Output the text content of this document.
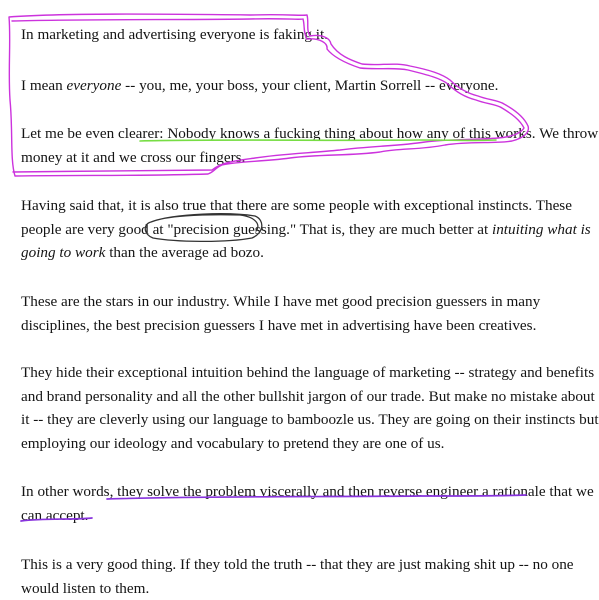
In marketing and advertising everyone is faking it.

I mean everyone -- you, me, your boss, your client, Martin Sorrell -- everyone.

Let me be even clearer: Nobody knows a fucking thing about how any of this works. We throw
money at it and we cross our fingers.

Having said that, it is also true that there are some people with exceptional instincts. These
people are very good at "precision guessing." That is, they are much better at intuiting what is
going to work than the average ad bozo.

These are the stars in our industry. While I have met good precision guessers in many
disciplines, the best precision guessers I have met in advertising have been creatives.

They hide their exceptional intuition behind the language of marketing -- strategy and benefits
and brand personality and all the other bullshit jargon of our trade. But make no mistake about
it -- they are cleverly using our language to bamboozle us. They are going on their instincts but
employing our ideology and vocabulary to pretend they are one of us.

In other words, they solve the problem viscerally and then reverse engineer a rationale that we
can accept.

This is a very good thing. If they told the truth -- that they are just making shit up -- no one
would listen to them.
